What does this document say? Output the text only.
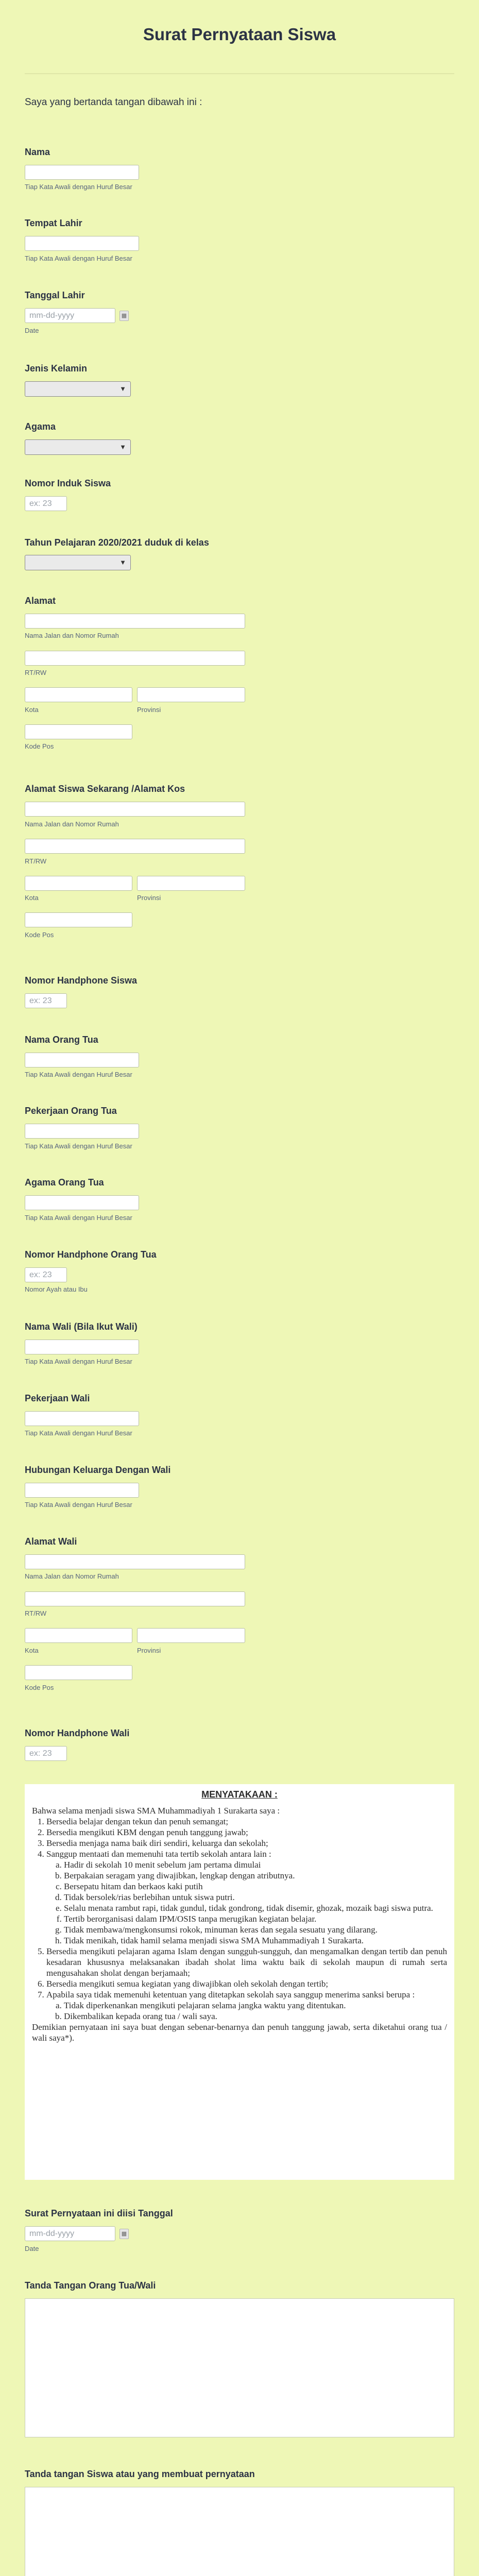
Surat Pernyataan Siswa
Saya yang bertanda tangan dibawah ini :
Nama
Tiap Kata Awali dengan Huruf Besar
Tempat Lahir
Tiap Kata Awali dengan Huruf Besar
Tanggal Lahir
mm-dd-yyyy
▦
Date
Jenis Kelamin
▼
Agama
▼
Nomor Induk Siswa
ex: 23
Tahun Pelajaran 2020/2021 duduk di kelas
▼
Alamat
Nama Jalan dan Nomor Rumah
RT/RW
Kota	Provinsi
Kode Pos
Alamat Siswa Sekarang /Alamat Kos
Nama Jalan dan Nomor Rumah
RT/RW
Kota	Provinsi
Kode Pos
Nomor Handphone Siswa
ex: 23
Nama Orang Tua
Tiap Kata Awali dengan Huruf Besar
Pekerjaan Orang Tua
Tiap Kata Awali dengan Huruf Besar
Agama Orang Tua
Tiap Kata Awali dengan Huruf Besar
Nomor Handphone Orang Tua
ex: 23
Nomor Ayah atau Ibu
Nama Wali (Bila Ikut Wali)
Tiap Kata Awali dengan Huruf Besar
Pekerjaan Wali
Tiap Kata Awali dengan Huruf Besar
Hubungan Keluarga Dengan Wali
Tiap Kata Awali dengan Huruf Besar
Alamat Wali
Nama Jalan dan Nomor Rumah
RT/RW
Kota	Provinsi
Kode Pos
Nomor Handphone Wali
ex: 23
MENYATAKAAN :

Bahwa selama menjadi siswa SMA Muhammadiyah 1 Surakarta saya :

1. Bersedia belajar dengan tekun dan penuh semangat;
2. Bersedia mengikuti KBM dengan penuh tanggung jawab;
3. Bersedia menjaga nama baik diri sendiri, keluarga dan sekolah;
4. Sanggup mentaati dan memenuhi tata tertib sekolah antara lain :
a. Hadir di sekolah 10 menit sebelum jam pertama dimulai
b. Berpakaian seragam yang diwajibkan, lengkap dengan atributnya.
c. Bersepatu hitam dan berkaos kaki putih
d. Tidak bersolek/rias berlebihan untuk siswa putri.
e. Selalu menata rambut rapi, tidak gundul, tidak gondrong, tidak disemir, ghozak, mozaik bagi siswa putra.
f. Tertib berorganisasi dalam IPM/OSIS tanpa merugikan kegiatan belajar.
g. Tidak membawa/mengkonsumsi rokok, minuman keras dan segala sesuatu yang dilarang.
h. Tidak menikah, tidak hamil selama menjadi siswa SMA Muhammadiyah 1 Surakarta.
5. Bersedia mengikuti pelajaran agama Islam dengan sungguh-sungguh, dan mengamalkan dengan tertib dan penuh kesadaran khususnya melaksanakan ibadah sholat lima waktu baik di sekolah maupun di rumah serta mengusahakan sholat dengan berjamaah;
6. Bersedia mengikuti semua kegiatan yang diwajibkan oleh sekolah dengan tertib;
7. Apabila saya tidak memenuhi ketentuan yang ditetapkan sekolah saya sanggup menerima sanksi berupa :
a. Tidak diperkenankan mengikuti pelajaran selama jangka waktu yang ditentukan.
b. Dikembalikan kepada orang tua / wali saya.

Demikian pernyataan ini saya buat dengan sebenar-benarnya dan penuh tanggung jawab, serta diketahui orang tua / wali saya*).

Surat Pernyataan ini diisi Tanggal
mm-dd-yyyy
▦
Date
Tanda Tangan Orang Tua/Wali
Tanda tangan Siswa atau yang membuat pernyataan
